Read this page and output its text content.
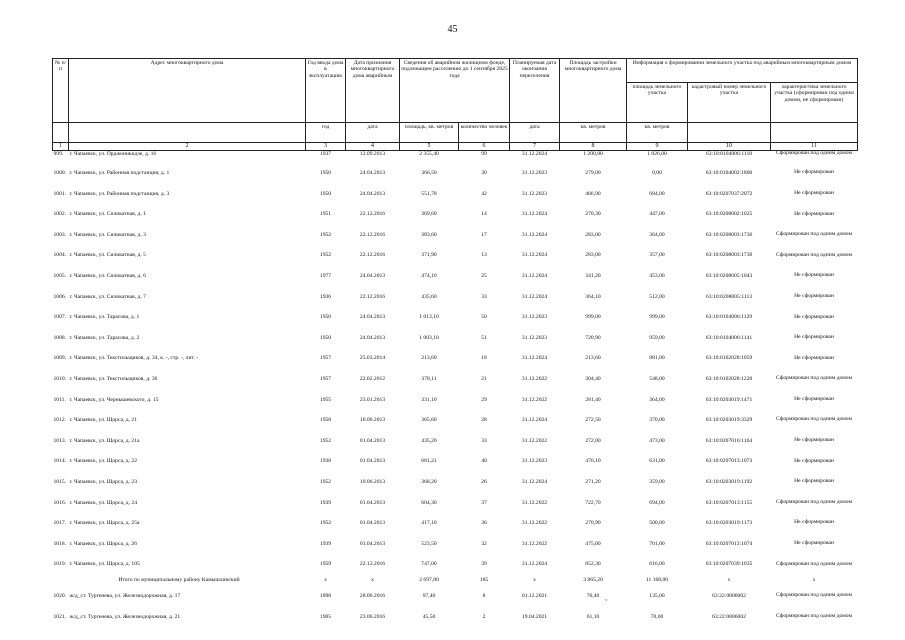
45
№ п/п	Адрес многоквартирного дома	Год ввода дома в эксплуатацию	Дата признания многоквартирного дома аварийным	Сведения об аварийном жилищном фонде, подлежащем расселению до 1 сентября 2025 года		Планируемая дата окончания переселения	Площадь застройки многоквартирного дома	Информация о формировании земельного участка под аварийным многоквартирным домом		
								площадь земельного участка	кадастровый номер земельного участка	характеристика земельного участка (сформирован под одним домом, не сформирован)
		год	дата	площадь, кв. метров	количество человек	дата	кв. метров	кв. метров		
1	2	3	4	5	6	7	8	9	10	11
999.	г. Чапаевск, ул. Орджоникидзе, д. 16	1937	12.09.2013	2 355,40	99	31.12.2024	1 200,80	1 026,00	63:10:0104006:1118	Сформирован под одним домом
1000.	г. Чапаевск, ул. Районная подстанция, д. 1	1950	24.04.2013	366,50	30	31.12.2023	279,00	0,00	63:10:0104002:1800	Не сформирован
1001.	г. Чапаевск, ул. Районная подстанция, д. 3	1950	24.04.2013	551,78	42	31.12.2023	466,90	684,00	63:10:0207037:2072	Не сформирован
1002.	г. Чапаевск, ул. Силикатная, д. 1	1951	22.12.2016	369,60	14	31.12.2024	270,30	447,00	63:10:0208002:1025	Не сформирован
1003.	г. Чапаевск, ул. Силикатная, д. 3	1952	22.12.2016	383,60	17	31.12.2024	283,00	364,00	63:10:0208003:1736	Сформирован под одним домом
1004.	г. Чапаевск, ул. Силикатная, д. 5	1952	22.12.2016	371,90	13	31.12.2024	283,00	357,00	63:10:0208003:1730	Сформирован под одним домом
1005.	г. Чапаевск, ул. Силикатная, д. 6	1977	24.04.2013	474,10	25	31.12.2024	341,20	453,00	63:10:0208005:1043	Не сформирован
1006.	г. Чапаевск, ул. Силикатная, д. 7	1936	22.12.2016	435,60	33	31.12.2024	364,10	512,00	63:10:0208005:1113	Не сформирован
1007.	г. Чапаевск, ул. Тарасова, д. 1	1950	24.04.2013	1 013,10	50	31.12.2023	999,00	999,00	63:10:0104006:1129	Не сформирован
1008.	г. Чапаевск, ул. Тарасова, д. 2	1950	24.04.2013	1 003,10	51	31.12.2023	720,90	959,00	63:10:0104006:1141	Не сформирован
1009.	г. Чапаевск, ул. Текстильщиков, д. 34, к. -, стр. -, лит. -	1957	25.03.2014	213,60	18	31.12.2024	213,60	881,00	63:10:0102028:1059	Не сформирован
1010.	г. Чапаевск, ул. Текстильщиков, д. 36	1957	22.02.2012	378,11	21	31.12.2022	304,40	548,00	63:10:0102028:1220	Сформирован под одним домом
1011.	г. Чапаевск, ул. Чернышевского, д. 15	1955	23.01.2013	331,10	29	31.12.2022	281,40	364,00	63:10:0203019:1471	Не сформирован
1012.	г. Чапаевск, ул. Щорса, д. 21	1958	10.06.2013	365,60	28	31.12.2024	272,50	370,00	63:10:0203019:3329	Сформирован под одним домом
1013.	г. Чапаевск, ул. Щорса, д. 21а	1952	01.04.2013	435,20	33	31.12.2022	272,00	473,00	63:10:0207016:1164	Не сформирован
1014.	г. Чапаевск, ул. Щорса, д. 22	1938	01.04.2013	681,21	40	31.12.2023	476,10	631,00	63:10:0207013:1073	Не сформирован
1015.	г. Чапаевск, ул. Щорса, д. 23	1952	10.06.2013	368,20	26	31.12.2024	271,20	359,00	63:10:0203019:1192	Не сформирован
1016.	г. Чапаевск, ул. Щорса, д. 24	1939	01.04.2013	604,30	37	31.12.2022	722,70	694,00	63:10:0207013:1155	Сформирован под одним домом
1017.	г. Чапаевск, ул. Щорса, д. 25а	1952	01.04.2013	417,10	36	31.12.2022	270,90	500,00	63:10:0203019:1173	Не сформирован
1018.	г. Чапаевск, ул. Щорса, д. 26	1939	01.04.2013	523,50	32	31.12.2022	475,00	701,00	63:10:0207013:1074	Не сформирован
1019.	г. Чапаевск, ул. Щорса, д. 105	1959	22.12.2016	747,00	39	31.12.2024	852,30	616,00	63:10:0207039:1035	Сформирован под одним домом
Итого по муниципальному району Камышлинский		x	x	2 697,80	185	x	3 865,20	11 168,00	x	x
1020.	ж/д_ст. Тургенева, ул. Железнодорожная, д. 17	1898	28.06.2016	97,40	8	01.12.2021	76,40	135,00	63:22:0806002	Сформирован под одним домом
1021.	ж/д_ст. Тургенева, ул. Железнодорожная, д. 21	1905	23.06.2016	45,50	2	19.04.2021	61,10	70,00	63:22:0806002	Сформирован под одним домом
ˇ
